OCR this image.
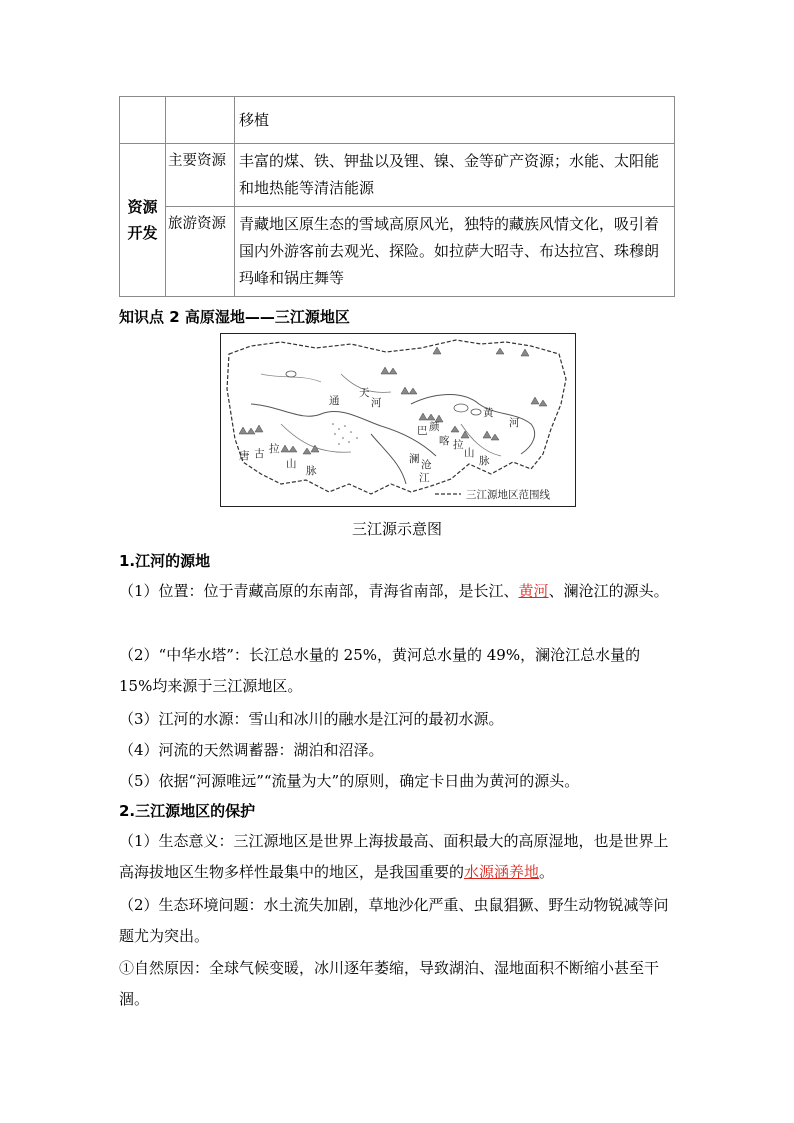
		移植

资源
开发	主要资源	丰富的煤、铁、钾盐以及锂、镍、金等矿产资源；水能、太阳能和地热能等清洁能源
	旅游资源	青藏地区原生态的雪域高原风光，独特的藏族风情文化，吸引着国内外游客前去观光、探险。如拉萨大昭寺、布达拉宫、珠穆朗玛峰和锅庄舞等
知识点 2 高原湿地——三江源地区
唐 古 拉
山
脉
通
天
河
黄
河
巴 颜
喀 拉
山
脉
澜 沧
江
三江源地区范围线
三江源示意图
1.江河的源地
（1）位置：位于青藏高原的东南部，青海省南部，是长江、黄河、澜沧江的源头。
（2）“中华水塔”：长江总水量的 25%，黄河总水量的 49%，澜沧江总水量的 15%均来源于三江源地区。
（3）江河的水源：雪山和冰川的融水是江河的最初水源。
（4）河流的天然调蓄器：湖泊和沼泽。
（5）依据“河源唯远”“流量为大”的原则，确定卡日曲为黄河的源头。
2.三江源地区的保护
（1）生态意义：三江源地区是世界上海拔最高、面积最大的高原湿地，也是世界上高海拔地区生物多样性最集中的地区，是我国重要的水源涵养地。
（2）生态环境问题：水土流失加剧，草地沙化严重、虫鼠猖獗、野生动物锐减等问题尤为突出。
①自然原因：全球气候变暖，冰川逐年萎缩，导致湖泊、湿地面积不断缩小甚至干涸。
